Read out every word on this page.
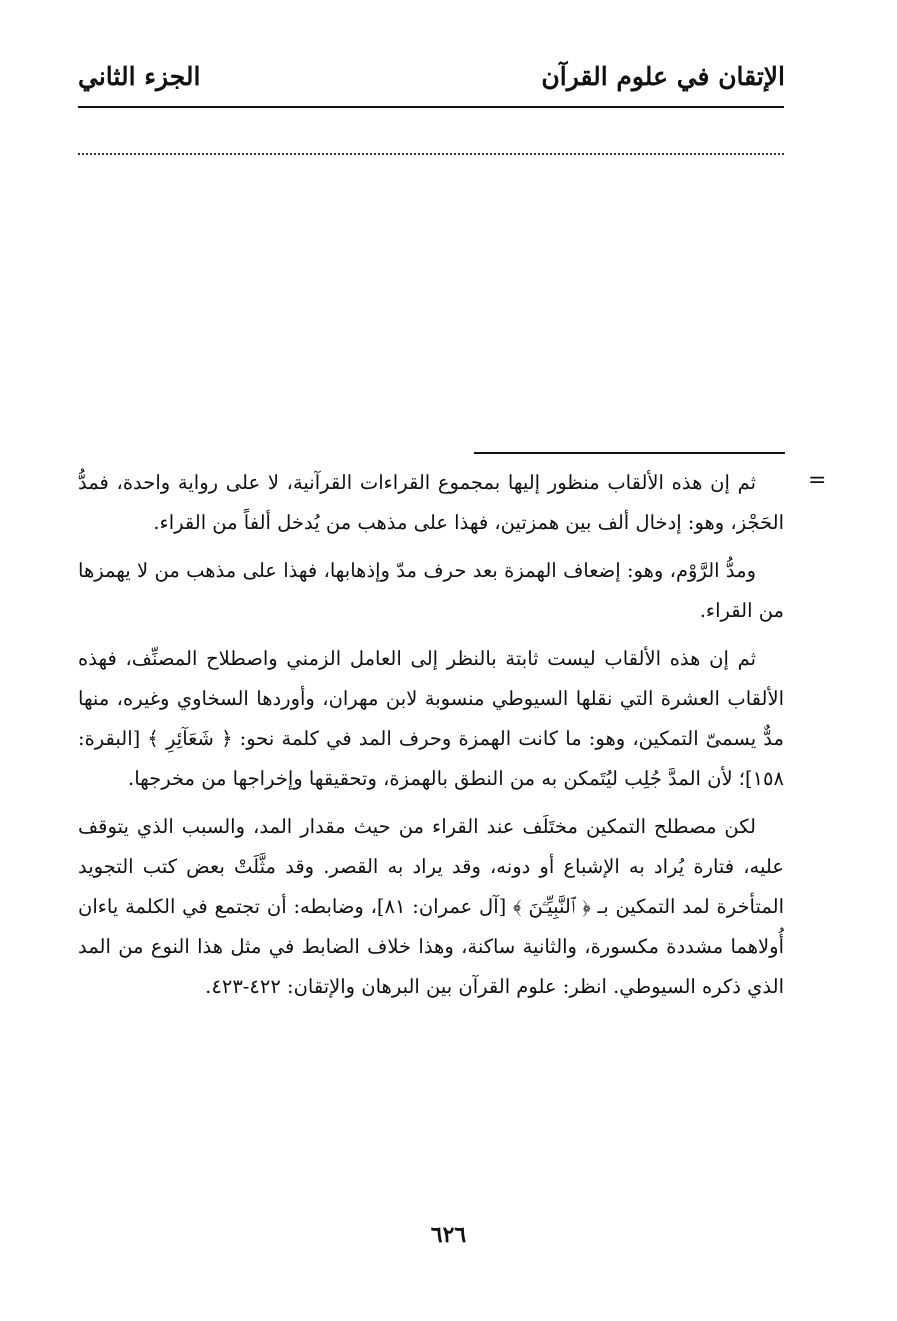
الإتقان في علوم القرآن
الجزء الثاني
=

ثم إن هذه الألقاب منظور إليها بمجموع القراءات القرآنية، لا على رواية واحدة، فمدُّ الحَجْز، وهو: إدخال ألف بين همزتين، فهذا على مذهب من يُدخل ألفاً من القراء.

ومدُّ الرَّوْم، وهو: إضعاف الهمزة بعد حرف مدّ وإذهابها، فهذا على مذهب من لا يهمزها من القراء.

ثم إن هذه الألقاب ليست ثابتة بالنظر إلى العامل الزمني واصطلاح المصنِّف، فهذه الألقاب العشرة التي نقلها السيوطي منسوبة لابن مهران، وأوردها السخاوي وغيره، منها مدٌّ يسمىّ التمكين، وهو: ما كانت الهمزة وحرف المد في كلمة نحو: ﴿ شَعَآئِرِ ﴾ [البقرة: ١٥٨]؛ لأن المدَّ جُلِب ليُتَمكن به من النطق بالهمزة، وتحقيقها وإخراجها من مخرجها.

لكن مصطلح التمكين مختَلَف عند القراء من حيث مقدار المد، والسبب الذي يتوقف عليه، فتارة يُراد به الإشباع أو دونه، وقد يراد به القصر. وقد مثَّلَتْ بعض كتب التجويد المتأخرة لمد التمكين بـ ﴿ ٱلنَّبِيِّـۧنَ ﴾ [آل عمران: ٨١]، وضابطه: أن تجتمع في الكلمة ياءان أُولاهما مشددة مكسورة، والثانية ساكنة، وهذا خلاف الضابط في مثل هذا النوع من المد الذي ذكره السيوطي. انظر: علوم القرآن بين البرهان والإتقان: ٤٢٢-٤٢٣.

٦٢٦
